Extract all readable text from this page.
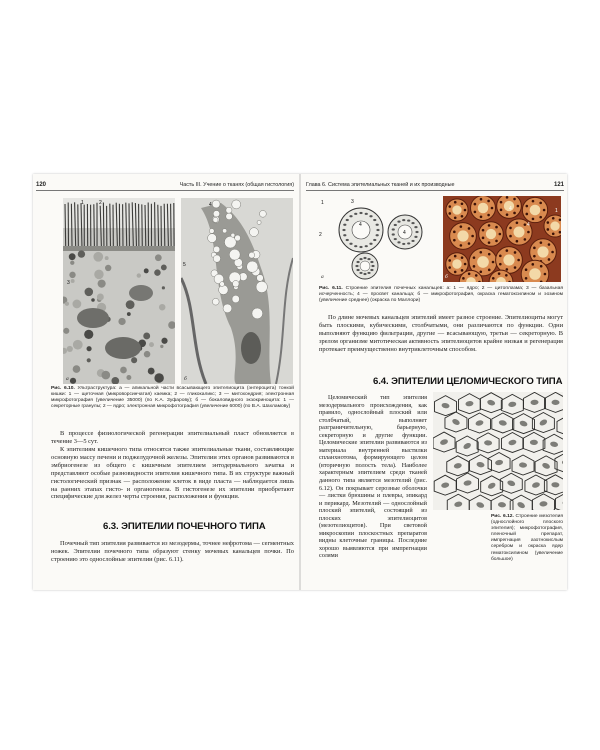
120	Часть III. Учение о тканях (общая гистология)
1	2
3
а
4
5
б
Рис. 6.10. Ультраструктура: а — апикальной части всасывающего эпителиоцита (энтероцита) тонкой кишки: 1 — щеточная (микроворсинчатая) каемка; 2 — гликокаликс; 3 — митохондрия; электронная микрофотография (увеличение 35000) (по К.А. Зуфарову); б — бокаловидного экзокриноцита: 1 — секреторные гранулы; 2 — ядро; электронная микрофотография (увеличение 6000) (по В.А. Шахламову)

В процессе физиологической регенерации эпителиальный пласт обновляется в течение 3—5 сут.

К эпителиям кишечного типа относятся также эпителиальные ткани, составляющие основную массу печени и поджелудочной железы. Эпителии этих органов развиваются в эмбриогенезе из общего с кишечным эпителием энтодермального зачатка и представляют особые разновидности эпителия кишечного типа. В их структуре важный гистологический признак — расположение клеток в виде пласта — наблюдается лишь на ранних этапах гисто- и органогенеза. В гистогенезе их эпителии приобретают специфические для желез черты строения, расположения и функции.

6.3. ЭПИТЕЛИИ ПОЧЕЧНОГО ТИПА

Почечный тип эпителия развивается из мезодермы, точнее нефротома — сегментных ножек. Эпителии почечного типа образуют стенку мочевых канальцев почки. По строению это однослойные эпителии (рис. 6.11).

Глава 6. Система эпителиальных тканей и их производные	121
1
2
3
4
4
а
1
4
4
б
Рис. 6.11. Строение эпителия почечных канальцев: а: 1 — ядро; 2 — цитоплазма; 3 — базальная исчерченность; 4 — просвет канальца; б — микрофотография, окраска гематоксилином и эозином (увеличение среднее) (окраска по Маллори)

По длине мочевых канальцев эпителий имеет разное строение. Эпителиоциты могут быть плоскими, кубическими, столбчатыми, они различаются по функции. Одни выполняют функцию фильтрации, другие — всасывающую, третьи — секреторную. В зрелом организме митотическая активность эпителиоцитов крайне низкая и регенерация протекает преимущественно внутриклеточным способом.

6.4. ЭПИТЕЛИИ ЦЕЛОМИЧЕСКОГО ТИПА

Целомический тип эпителия мезодермального происхождения, как правило, однослойный плоский или столбчатый, выполняет разграничительную, барьерную, секреторную и другие функции. Целомические эпителии развиваются из материала внутренней выстилки спланхнотома, формирующего целом (вторичную полость тела). Наиболее характерным эпителием среди тканей данного типа является мезотелий (рис. 6.12). Он покрывает серозные оболочки — листки брюшины и плевры, эпикард и перикард. Мезотелий — однослойный плоский эпителий, состоящий из плоских эпителиоцитов (мезотелиоцитов). При световой микроскопии плоскостных препаратов видны клеточные границы. Последние хорошо выявляются при импрегнации солями

Рис. 6.12. Строение мезотелия (однослойного плоского эпителия); микрофотография, пленочный препарат, импрегнация азотнокислым серебром и окраска ядер гематоксилином (увеличение большое)
